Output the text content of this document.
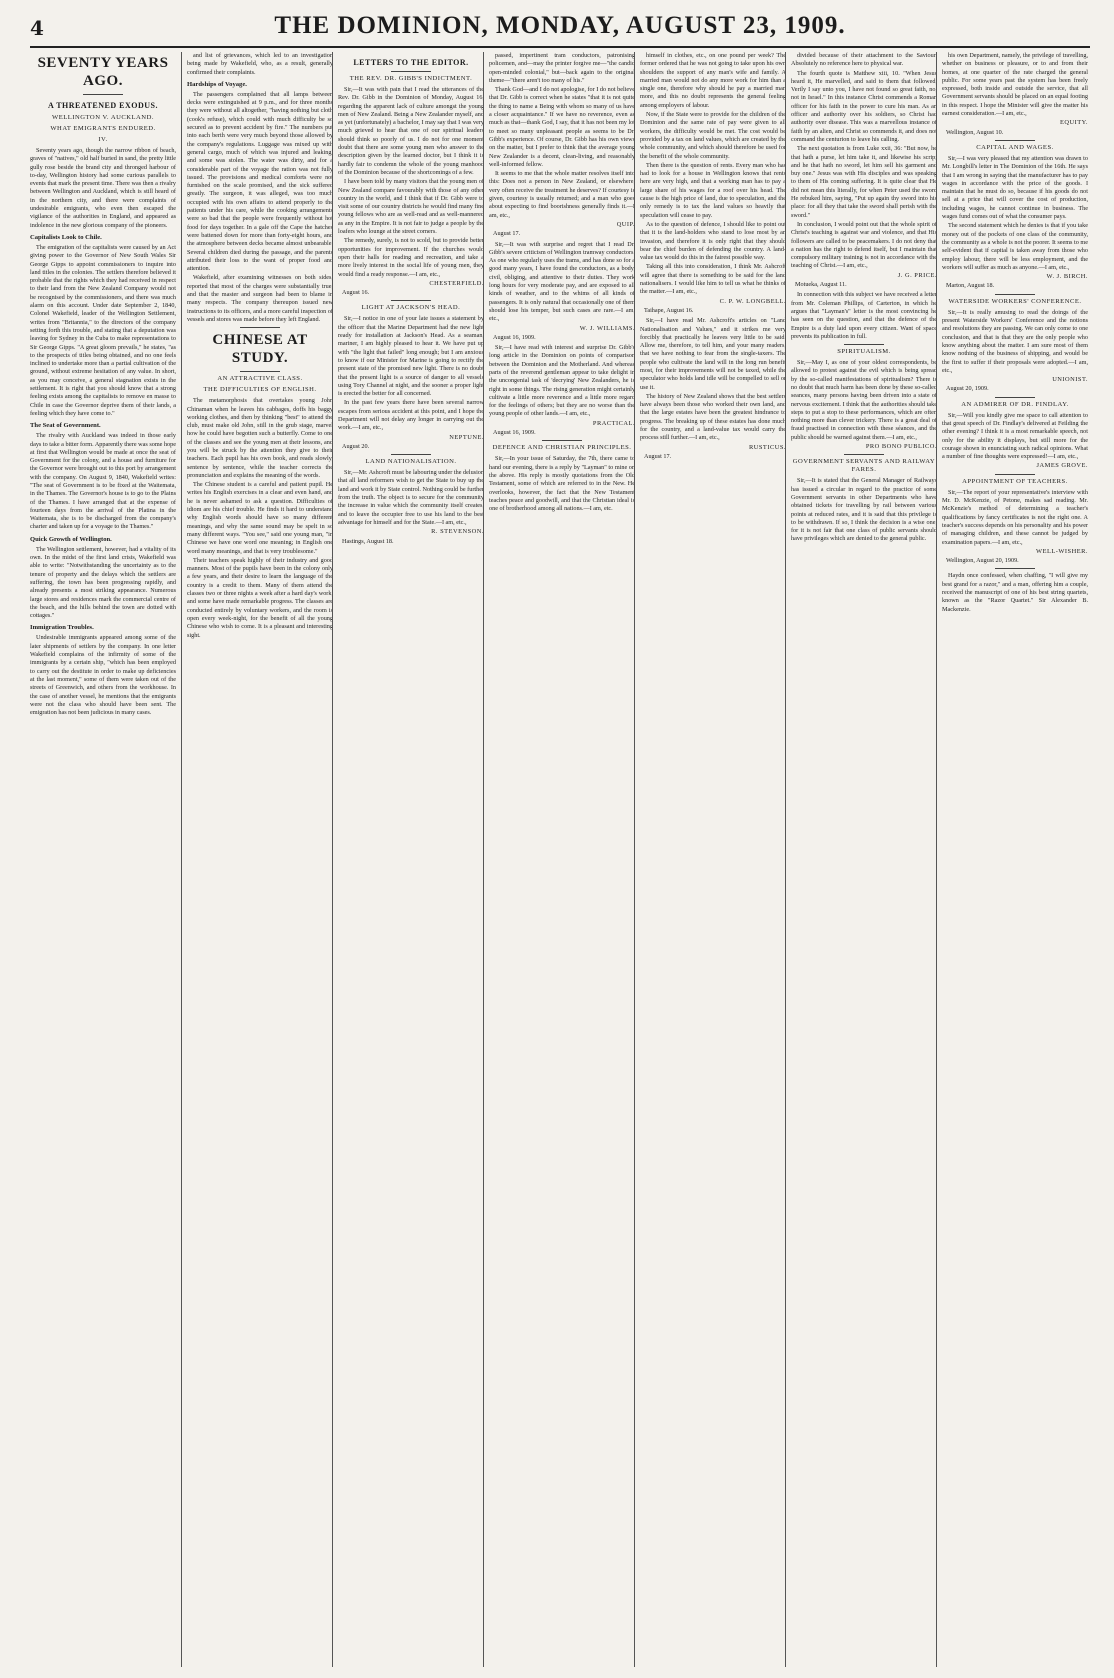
4	THE DOMINION, MONDAY, AUGUST 23, 1909.
SEVENTY YEARS AGO.
A THREATENED EXODUS.
WELLINGTON V. AUCKLAND.
WHAT EMIGRANTS ENDURED.
IV.

Seventy years ago, though the narrow ribbon of beach, graves of "natives," old half buried in sand, the pretty little gully rose beside the brand city and thronged harbour of to-day, Wellington history had some curious parallels to events that mark the present time. There was then a rivalry between Wellington and Auckland, which is still heard of in the northern city, and there were complaints of undesirable emigrants, who even then escaped the vigilance of the authorities in England, and appeared as indolence in the new glorious company of the pioneers.

Capitalists Look to Chile.

The emigration of the capitalists were caused by an Act giving power to the Governor of New South Wales Sir George Gipps to appoint commissioners to inquire into land titles in the colonies. The settlers therefore believed it probable that the rights which they had received in respect to their land from the New Zealand Company would not be recognised by the commissioners, and there was much alarm on this account. Under date September 2, 1840, Colonel Wakefield, leader of the Wellington Settlement, writes from "Britannia," to the directors of the company setting forth this trouble, and stating that a deputation was leaving for Sydney in the Cuba to make representations to Sir George Gipps. "A great gloom prevails," he states, "as to the prospects of titles being obtained, and no one feels inclined to undertake more than a partial cultivation of the ground, without extreme hesitation of any value. In short, as you may conceive, a general stagnation exists in the settlement. It is right that you should know that a strong feeling exists among the capitalists to remove en masse to Chile in case the Governor deprive them of their lands, a feeling which they have come to."

The Seat of Government.

The rivalry with Auckland was indeed in those early days to take a bitter form. Apparently there was some hope at first that Wellington would be made at once the seat of Government for the colony, and a house and furniture for the Governor were brought out to this port by arrangement with the company. On August 9, 1840, Wakefield writes: "The seat of Government is to be fixed at the Waitemata, in the Thames. The Governor's house is to go to the Plains of the Thames. I have arranged that at the expense of fourteen days from the arrival of the Platina in the Waitemata, she is to be discharged from the company's charter and taken up for a voyage to the Thames."

Quick Growth of Wellington.

The Wellington settlement, however, had a vitality of its own. In the midst of the first land crisis, Wakefield was able to write: "Notwithstanding the uncertainty as to the tenure of property and the delays which the settlers are suffering, the town has been progressing rapidly, and already presents a most striking appearance. Numerous large stores and residences mark the commercial centre of the beach, and the hills behind the town are dotted with cottages."

Immigration Troubles.

Undesirable immigrants appeared among some of the later shipments of settlers by the company. In one letter Wakefield complains of the infirmity of some of the immigrants by a certain ship, "which has been employed to carry out the destitute in order to make up deficiencies at the last moment," some of them were taken out of the streets of Greenwich, and others from the workhouse. In the case of another vessel, he mentions that the emigrants were not the class who should have been sent. The emigration has not been judicious in many cases.

and list of grievances, which led to an investigation being made by Wakefield, who, as a result, generally confirmed their complaints.

Hardships of Voyage.

The passengers complained that all lamps between decks were extinguished at 9 p.m., and for three months they were without all altogether, "having nothing but cloth (cook's refuse), which could with much difficulty be so secured as to prevent accident by fire." The numbers put into each berth were very much beyond those allowed by the company's regulations. Luggage was mixed up with general cargo, much of which was injured and leaking, and some was stolen. The water was dirty, and for a considerable part of the voyage the ration was not fully issued. The provisions and medical comforts were not furnished on the scale promised, and the sick suffered greatly. The surgeon, it was alleged, was too much occupied with his own affairs to attend properly to the patients under his care, while the cooking arrangements were so bad that the people were frequently without hot food for days together. In a gale off the Cape the hatches were battened down for more than forty-eight hours, and the atmosphere between decks became almost unbearable. Several children died during the passage, and the parents attributed their loss to the want of proper food and attention.

Wakefield, after examining witnesses on both sides, reported that most of the charges were substantially true, and that the master and surgeon had been to blame in many respects. The company thereupon issued new instructions to its officers, and a more careful inspection of vessels and stores was made before they left England.

CHINESE AT STUDY.
AN ATTRACTIVE CLASS.
THE DIFFICULTIES OF ENGLISH.

The metamorphosis that overtakes young John Chinaman when he leaves his cabbages, doffs his baggy working clothes, and then by thinking "best" to attend the club, must make old John, still in the grub stage, marvel how he could have begotten such a butterfly. Come to one of the classes and see the young men at their lessons, and you will be struck by the attention they give to their teachers. Each pupil has his own book, and reads slowly, sentence by sentence, while the teacher corrects the pronunciation and explains the meaning of the words.

The Chinese student is a careful and patient pupil. He writes his English exercises in a clear and even hand, and he is never ashamed to ask a question. Difficulties of idiom are his chief trouble. He finds it hard to understand why English words should have so many different meanings, and why the same sound may be spelt in so many different ways. "You see," said one young man, "in Chinese we have one word one meaning; in English one word many meanings, and that is very troublesome."

Their teachers speak highly of their industry and good manners. Most of the pupils have been in the colony only a few years, and their desire to learn the language of the country is a credit to them. Many of them attend the classes two or three nights a week after a hard day's work, and some have made remarkable progress. The classes are conducted entirely by voluntary workers, and the room is open every week-night, for the benefit of all the young Chinese who wish to come. It is a pleasant and interesting sight.

LETTERS TO THE EDITOR.
THE REV. DR. GIBB'S INDICTMENT.

Sir,—It was with pain that I read the utterances of the Rev. Dr. Gibb in the Dominion of Monday, August 16, regarding the apparent lack of culture amongst the young men of New Zealand. Being a New Zealander myself, and as yet (unfortunately) a bachelor, I may say that I was very much grieved to hear that one of our spiritual leaders should think so poorly of us. I do not for one moment doubt that there are some young men who answer to the description given by the learned doctor, but I think it is hardly fair to condemn the whole of the young manhood of the Dominion because of the shortcomings of a few.

I have been told by many visitors that the young men of New Zealand compare favourably with those of any other country in the world, and I think that if Dr. Gibb were to visit some of our country districts he would find many fine young fellows who are as well-read and as well-mannered as any in the Empire. It is not fair to judge a people by the loafers who lounge at the street corners.

The remedy, surely, is not to scold, but to provide better opportunities for improvement. If the churches would open their halls for reading and recreation, and take a more lively interest in the social life of young men, they would find a ready response.—I am, etc.,

CHESTERFIELD.
August 16.
LIGHT AT JACKSON'S HEAD.

Sir,—I notice in one of your late issues a statement by the officer that the Marine Department had the new light ready for installation at Jackson's Head. As a seaman, mariner, I am highly pleased to hear it. We have put up with "the light that failed" long enough; but I am anxious to know if our Minister for Marine is going to rectify the present state of the promised new light. There is no doubt that the present light is a source of danger to all vessels using Tory Channel at night, and the sooner a proper light is erected the better for all concerned.

In the past few years there have been several narrow escapes from serious accident at this point, and I hope the Department will not delay any longer in carrying out the work.—I am, etc.,

NEPTUNE.
August 20.
LAND NATIONALISATION.

Sir,—Mr. Ashcroft must be labouring under the delusion that all land reformers wish to get the State to buy up the land and work it by State control. Nothing could be further from the truth. The object is to secure for the community the increase in value which the community itself creates, and to leave the occupier free to use his land to the best advantage for himself and for the State.—I am, etc.,

R. STEVENSON.
Hastings, August 18.

passed, impertinent tram conductors, patronising policemen, and—may the printer forgive me—"the candid open-minded colonial," but—back again to the original theme—"there aren't too many of his."

Thank God—and I do not apologise, for I do not believe that Dr. Gibb is correct when he states "that it is not quite the thing to name a Being with whom so many of us have a closer acquaintance." If we have no reverence, even as much as that—thank God, I say, that it has not been my lot to meet so many unpleasant people as seems to be Dr. Gibb's experience. Of course, Dr. Gibb has his own views on the matter, but I prefer to think that the average young New Zealander is a decent, clean-living, and reasonably well-informed fellow.

It seems to me that the whole matter resolves itself into this: Does not a person in New Zealand, or elsewhere, very often receive the treatment he deserves? If courtesy is given, courtesy is usually returned; and a man who goes about expecting to find boorishness generally finds it.—I am, etc.,

QUIP.
August 17.

Sir,—It was with surprise and regret that I read Dr. Gibb's severe criticism of Wellington tramway conductors. As one who regularly uses the trams, and has done so for a good many years, I have found the conductors, as a body, civil, obliging, and attentive to their duties. They work long hours for very moderate pay, and are exposed to all kinds of weather, and to the whims of all kinds of passengers. It is only natural that occasionally one of them should lose his temper, but such cases are rare.—I am, etc.,

W. J. WILLIAMS.
August 16, 1909.

Sir,—I have read with interest and surprise Dr. Gibb's long article in the Dominion on points of comparison between the Dominion and the Motherland. And whereas parts of the reverend gentleman appear to take delight in the uncongenial task of 'decrying' New Zealanders, he is right in some things. The rising generation might certainly cultivate a little more reverence and a little more regard for the feelings of others; but they are no worse than the young people of other lands.—I am, etc.,

PRACTICAL.
August 16, 1909.
DEFENCE AND CHRISTIAN PRINCIPLES.

Sir,—In your issue of Saturday, the 7th, there came to hand our evening, there is a reply by "Layman" to mine on the above. His reply is mostly quotations from the Old Testament, some of which are referred to in the New. He overlooks, however, the fact that the New Testament teaches peace and goodwill, and that the Christian ideal is one of brotherhood among all nations.—I am, etc.

himself in clothes, etc., on one pound per week? The former ordered that he was not going to take upon his own shoulders the support of any man's wife and family. A married man would not do any more work for him than a single one, therefore why should he pay a married man more, and this no doubt represents the general feeling among employers of labour.

Now, if the State were to provide for the children of the Dominion and the same rate of pay were given to all workers, the difficulty would be met. The cost would be provided by a tax on land values, which are created by the whole community, and which should therefore be used for the benefit of the whole community.

Then there is the question of rents. Every man who has had to look for a house in Wellington knows that rents here are very high, and that a working man has to pay a large share of his wages for a roof over his head. The cause is the high price of land, due to speculation, and the only remedy is to tax the land values so heavily that speculation will cease to pay.

As to the question of defence, I should like to point out that it is the land-holders who stand to lose most by an invasion, and therefore it is only right that they should bear the chief burden of defending the country. A land-value tax would do this in the fairest possible way.

Taking all this into consideration, I think Mr. Ashcroft will agree that there is something to be said for the land nationalisers. I would like him to tell us what he thinks of the matter.—I am, etc.,

C. P. W. LONGBELL.
Taihape, August 16.

Sir,—I have read Mr. Ashcroft's articles on "Land Nationalisation and Values," and it strikes me very forcibly that practically he leaves very little to be said. Allow me, therefore, to tell him, and your many readers, that we have nothing to fear from the single-taxers. The people who cultivate the land will in the long run benefit most, for their improvements will not be taxed, while the speculator who holds land idle will be compelled to sell or use it.

The history of New Zealand shows that the best settlers have always been those who worked their own land, and that the large estates have been the greatest hindrance to progress. The breaking up of these estates has done much for the country, and a land-value tax would carry the process still further.—I am, etc.,

RUSTICUS.
August 17.

divided because of their attachment to the Saviour. Absolutely no reference here to physical war.

The fourth quote is Matthew xiii, 10. "When Jesus heard it, He marvelled, and said to them that followed, Verily I say unto you, I have not found so great faith, no, not in Israel." In this instance Christ commends a Roman officer for his faith in the power to cure his man. As an officer and authority over his soldiers, so Christ had authority over disease. This was a marvellous instance of faith by an alien, and Christ so commends it, and does not command the centurion to leave his calling.

The next quotation is from Luke xxii, 36: "But now, he that hath a purse, let him take it, and likewise his scrip; and he that hath no sword, let him sell his garment and buy one." Jesus was with His disciples and was speaking to them of His coming suffering. It is quite clear that He did not mean this literally, for when Peter used the sword He rebuked him, saying, "Put up again thy sword into his place: for all they that take the sword shall perish with the sword."

In conclusion, I would point out that the whole spirit of Christ's teaching is against war and violence, and that His followers are called to be peacemakers. I do not deny that a nation has the right to defend itself, but I maintain that compulsory military training is not in accordance with the teaching of Christ.—I am, etc.,

J. G. PRICE.
Motueka, August 11.

In connection with this subject we have received a letter from Mr. Coleman Phillips, of Carterton, in which he argues that "Layman's" letter is the most convincing he has seen on the question, and that the defence of the Empire is a duty laid upon every citizen. Want of space prevents its publication in full.

SPIRITUALISM.

Sir,—May I, as one of your oldest correspondents, be allowed to protest against the evil which is being spread by the so-called manifestations of spiritualism? There is no doubt that much harm has been done by these so-called seances, many persons having been driven into a state of nervous excitement. I think that the authorities should take steps to put a stop to these performances, which are often nothing more than clever trickery. There is a great deal of fraud practised in connection with these séances, and the public should be warned against them.—I am, etc.,

PRO BONO PUBLICO.
GOVERNMENT SERVANTS AND RAILWAY FARES.

Sir,—It is stated that the General Manager of Railways has issued a circular in regard to the practice of some Government servants in other Departments who have obtained tickets for travelling by rail between various points at reduced rates, and it is said that this privilege is to be withdrawn. If so, I think the decision is a wise one, for it is not fair that one class of public servants should have privileges which are denied to the general public.

his own Department, namely, the privilege of travelling, whether on business or pleasure, or to and from their homes, at one quarter of the rate charged the general public. For some years past the system has been freely expressed, both inside and outside the service, that all Government servants should be placed on an equal footing in this respect. I hope the Minister will give the matter his earnest consideration.—I am, etc.,

EQUITY.
Wellington, August 10.
CAPITAL AND WAGES.

Sir,—I was very pleased that my attention was drawn to Mr. Longbill's letter in The Dominion of the 16th. He says that I am wrong in saying that the manufacturer has to pay wages in accordance with the price of the goods. I maintain that he must do so, because if his goods do not sell at a price that will cover the cost of production, including wages, he cannot continue in business. The wages fund comes out of what the consumer pays.

The second statement which he denies is that if you take money out of the pockets of one class of the community, the community as a whole is not the poorer. It seems to me self-evident that if capital is taken away from those who employ labour, there will be less employment, and the workers will suffer as much as anyone.—I am, etc.,

W. J. BIRCH.
Marton, August 18.
WATERSIDE WORKERS' CONFERENCE.

Sir,—It is really amusing to read the doings of the present Waterside Workers' Conference and the notions and resolutions they are passing. We can only come to one conclusion, and that is that they are the only people who know anything about the matter. I am sure most of them know nothing of the business of shipping, and would be the first to suffer if their proposals were adopted.—I am, etc.,

UNIONIST.
August 20, 1909.
AN ADMIRER OF DR. FINDLAY.

Sir,—Will you kindly give me space to call attention to that great speech of Dr. Findlay's delivered at Feilding the other evening? I think it is a most remarkable speech, not only for the ability it displays, but still more for the courage shown in enunciating such radical opinions. What a number of fine thoughts were expressed!—I am, etc.,

JAMES GROVE.
APPOINTMENT OF TEACHERS.

Sir,—The report of your representative's interview with Mr. D. McKenzie, of Petone, makes sad reading. Mr. McKenzie's method of determining a teacher's qualifications by fancy certificates is not the right one. A teacher's success depends on his personality and his power of managing children, and these cannot be judged by examination papers.—I am, etc.,

WELL-WISHER.
Wellington, August 20, 1909.

Haydn once confessed, when chaffing, "I will give my best grand for a razor," and a man, offering him a couple, received the manuscript of one of his best string quartets, known as the "Razor Quartet." Sir Alexander B. Mackenzie.
